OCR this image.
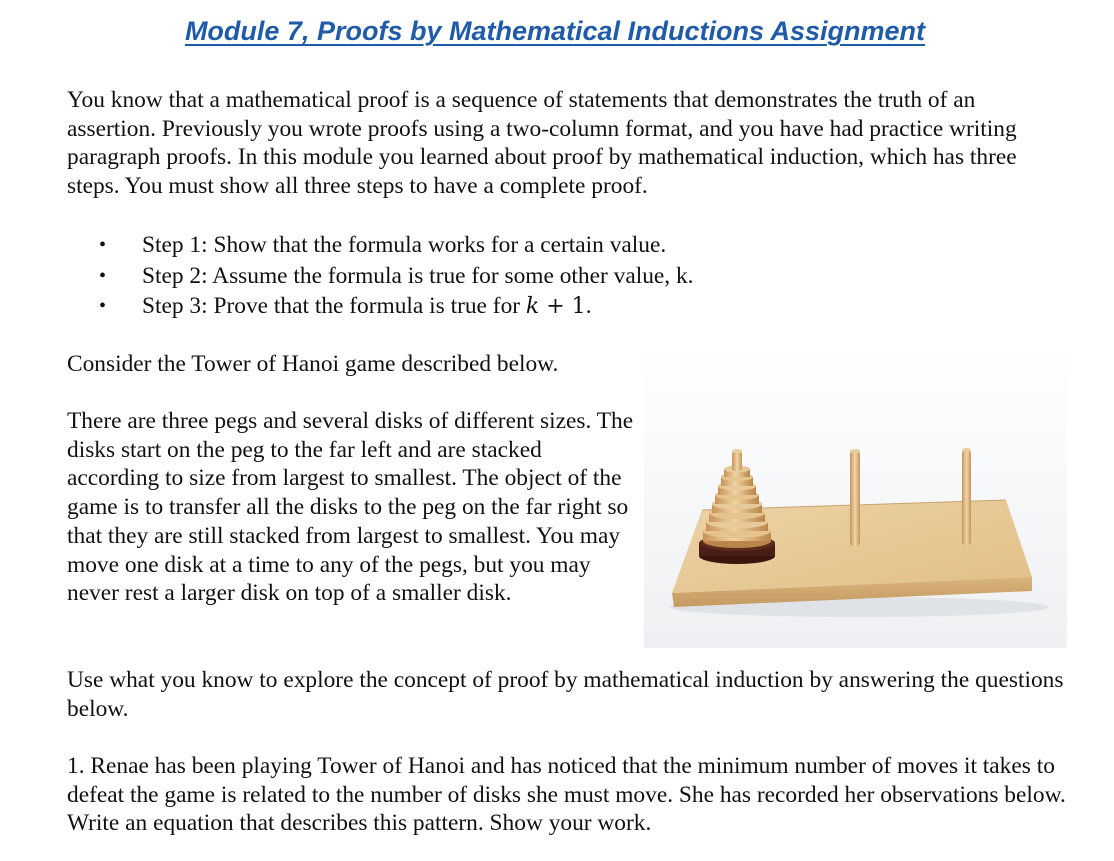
Module 7, Proofs by Mathematical Inductions Assignment

You know that a mathematical proof is a sequence of statements that demonstrates the truth of an assertion. Previously you wrote proofs using a two-column format, and you have had practice writing paragraph proofs. In this module you learned about proof by mathematical induction, which has three steps. You must show all three steps to have a complete proof.

• Step 1: Show that the formula works for a certain value.
• Step 2: Assume the formula is true for some other value, k.
• Step 3: Prove that the formula is true for k + 1.

Consider the Tower of Hanoi game described below.

There are three pegs and several disks of different sizes. The disks start on the peg to the far left and are stacked according to size from largest to smallest. The object of the game is to transfer all the disks to the peg on the far right so that they are still stacked from largest to smallest. You may move one disk at a time to any of the pegs, but you may never rest a larger disk on top of a smaller disk.

Use what you know to explore the concept of proof by mathematical induction by answering the questions below.

1. Renae has been playing Tower of Hanoi and has noticed that the minimum number of moves it takes to defeat the game is related to the number of disks she must move. She has recorded her observations below. Write an equation that describes this pattern. Show your work.
